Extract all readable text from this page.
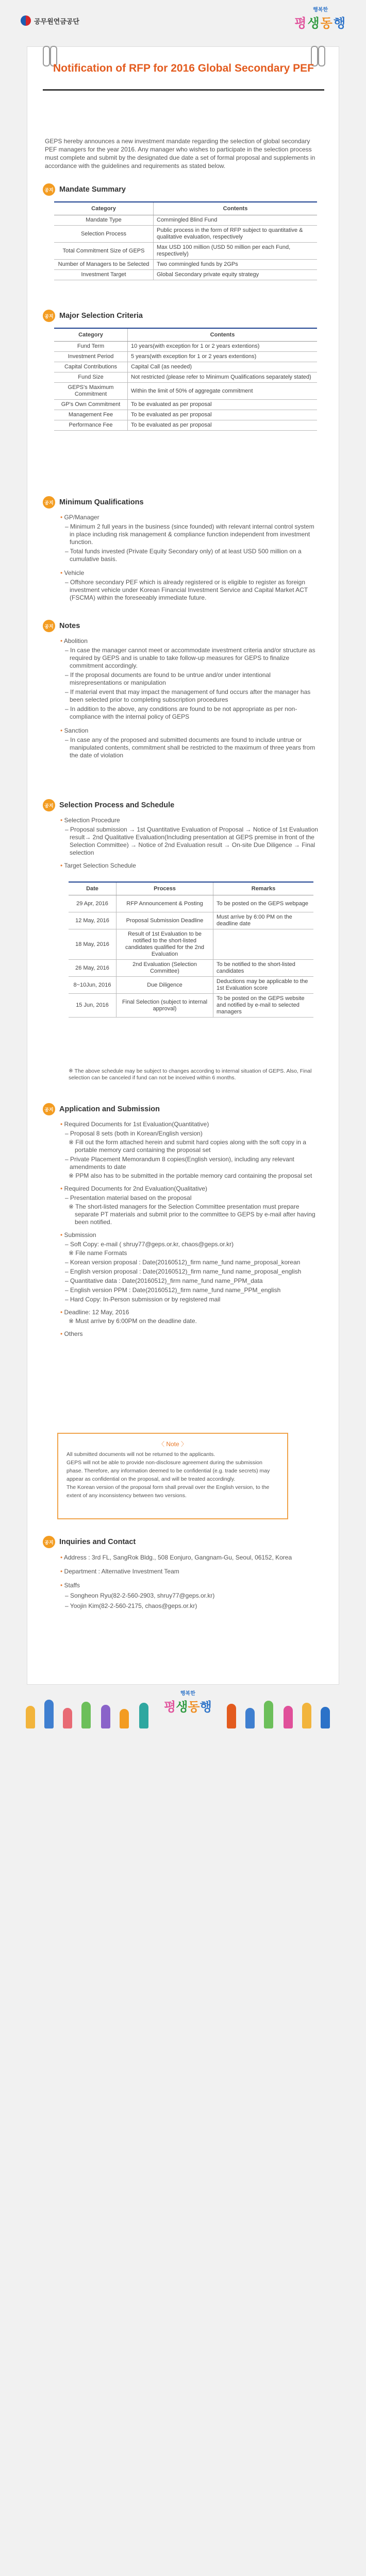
공무원연금공단
행복한
평생동행
Notification of RFP for 2016 Global Secondary PEF
GEPS hereby announces a new investment mandate regarding the selection of global secondary PEF managers for the year 2016. Any manager who wishes to participate in the selection process must complete and submit by the designated due date a set of formal proposal and supplements in accordance with the guidelines and requirements as stated below.
공지 Mandate Summary
Category	Contents
Mandate Type	Commingled Blind Fund
Selection Process	Public process in the form of RFP subject to quantitative & qualitative evaluation, respectively
Total Commitment Size of GEPS	Max USD 100 million (USD 50 million per each Fund, respectively)
Number of Managers to be Selected	Two commingled funds by 2GPs
Investment Target	Global Secondary private equity strategy
공지 Major Selection Criteria
Category	Contents
Fund Term	10 years(with exception for 1 or 2 years extentions)
Investment Period	5 years(with exception for 1 or 2 years extentions)
Capital Contributions	Capital Call (as needed)
Fund Size	Not restricted (please refer to Minimum Qualifications separately stated)
GEPS's Maximum Commitment	Within the limit of 50% of aggregate commitment
GP's Own Commitment	To be evaluated as per proposal
Management Fee	To be evaluated as per proposal
Performance Fee	To be evaluated as per proposal
공지 Minimum Qualifications
• GP/Manager
– Minimum 2 full years in the business (since founded) with relevant internal control system in place including risk management & compliance function independent from investment function.
– Total funds invested (Private Equity Secondary only) of at least USD 500 million on a cumulative basis.
• Vehicle
– Offshore secondary PEF which is already registered or is eligible to register as foreign investment vehicle under Korean Financial Investment Service and Capital Market ACT (FSCMA) within the foreseeably immediate future.
공지 Notes
• Abolition
– In case the manager cannot meet or accommodate investment criteria and/or structure as required by GEPS and is unable to take follow-up measures for GEPS to finalize commitment accordingly.
– If the proposal documents are found to be untrue and/or under intentional misrepresentations or manipulation
– If material event that may impact the management of fund occurs after the manager has been selected prior to completing subscription procedures
– In addition to the above, any conditions are found to be not appropriate as per non-compliance with the internal policy of GEPS
• Sanction
– In case any of the proposed and submitted documents are found to include untrue or manipulated contents, commitment shall be restricted to the maximum of three years from the date of violation
공지 Selection Process and Schedule
• Selection Procedure
– Proposal submission → 1st Quantitative Evaluation of Proposal → Notice of 1st Evaluation result→ 2nd Qualitative Evaluation(Including presentation at GEPS premise in front of the Selection Committee) → Notice of 2nd Evaluation result → On-site Due Diligence → Final selection
• Target Selection Schedule
Date	Process	Remarks
29 Apr, 2016	RFP Announcement & Posting	To be posted on the GEPS webpage
12 May, 2016	Proposal Submission Deadline	Must arrive by 6:00 PM on the deadline date
18 May, 2016	Result of 1st Evaluation to be notified to the short-listed candidates qualified for the 2nd Evaluation	
26 May, 2016	2nd Evaluation (Selection Committee)	To be notified to the short-listed candidates
8~10Jun, 2016	Due Diligence	Deductions may be applicable to the 1st Evaluation score
15 Jun, 2016	Final Selection (subject to internal approval)	To be posted on the GEPS website and notified by e-mail to selected managers
※ The above schedule may be subject to changes according to internal situation of GEPS. Also, Final selection can be canceled if fund can not be inceived within 6 months.
공지 Application and Submission
• Required Documents for 1st Evaluation(Quantitative)
– Proposal 8 sets (both in Korean/English version)
※ Fill out the form attached herein and submit hard copies along with the soft copy in a portable memory card containing the proposal set
– Private Placement Memorandum 8 copies(English version), including any relevant amendments to date
※ PPM also has to be submitted in the portable memory card containing the proposal set
• Required Documents for 2nd Evaluation(Qualitative)
– Presentation material based on the proposal
※ The short-listed managers for the Selection Committee presentation must prepare separate PT materials and submit prior to the committee to GEPS by e-mail after having been notified.
• Submission
– Soft Copy: e-mail ( shruy77@geps.or.kr, chaos@geps.or.kr)
※ File name Formats
– Korean version proposal : Date(20160512)_firm name_fund name_proposal_korean
– English version proposal : Date(20160512)_firm name_fund name_proposal_english
– Quantitative data : Date(20160512)_firm name_fund name_PPM_data
– English version PPM : Date(20160512)_firm name_fund name_PPM_english
– Hard Copy: In-Person submission or by registered mail
• Deadline: 12 May, 2016
※ Must arrive by 6:00PM on the deadline date.
• Others
〈 Note 〉
All submitted documents will not be returned to the applicants.
GEPS will not be able to provide non-disclosure agreement during the submission phase. Therefore, any information deemed to be confidential (e.g. trade secrets) may appear as confidential on the proposal, and will be treated accordingly.
The Korean version of the proposal form shall prevail over the English version, to the extent of any inconsistency between two versions.
공지 Inquiries and Contact
• Address : 3rd FL, SangRok Bldg., 508 Eonjuro, Gangnam-Gu, Seoul, 06152, Korea
• Department : Alternative Investment Team
• Staffs
– Songheon Ryu(82-2-560-2903, shruy77@geps.or.kr)
– Yoojin Kim(82-2-560-2175, chaos@geps.or.kr)
행복한
평생동행
